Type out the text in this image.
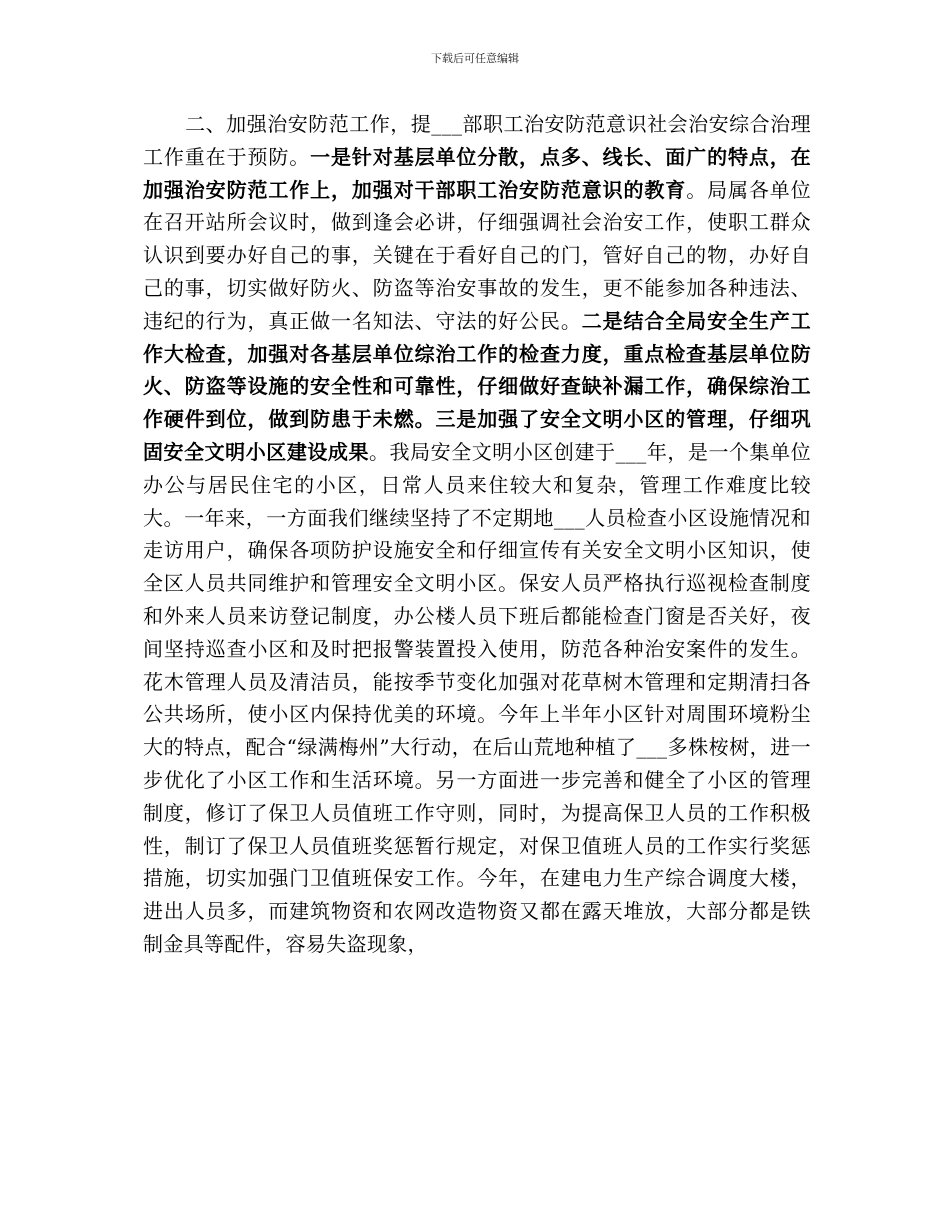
下载后可任意编辑

二、加强治安防范工作，提___部职工治安防范意识社会治安综合治理工作重在于预防。一是针对基层单位分散，点多、线长、面广的特点，在加强治安防范工作上，加强对干部职工治安防范意识的教育。局属各单位在召开站所会议时，做到逢会必讲，仔细强调社会治安工作，使职工群众认识到要办好自己的事，关键在于看好自己的门，管好自己的物，办好自己的事，切实做好防火、防盗等治安事故的发生，更不能参加各种违法、违纪的行为，真正做一名知法、守法的好公民。二是结合全局安全生产工作大检查，加强对各基层单位综治工作的检查力度，重点检查基层单位防火、防盗等设施的安全性和可靠性，仔细做好查缺补漏工作，确保综治工作硬件到位，做到防患于未燃。三是加强了安全文明小区的管理，仔细巩固安全文明小区建设成果。我局安全文明小区创建于___年，是一个集单位办公与居民住宅的小区，日常人员来住较大和复杂，管理工作难度比较大。一年来，一方面我们继续坚持了不定期地___人员检查小区设施情况和走访用户，确保各项防护设施安全和仔细宣传有关安全文明小区知识，使全区人员共同维护和管理安全文明小区。保安人员严格执行巡视检查制度和外来人员来访登记制度，办公楼人员下班后都能检查门窗是否关好，夜间坚持巡查小区和及时把报警装置投入使用，防范各种治安案件的发生。花木管理人员及清洁员，能按季节变化加强对花草树木管理和定期清扫各公共场所，使小区内保持优美的环境。今年上半年小区针对周围环境粉尘大的特点，配合“绿满梅州”大行动，在后山荒地种植了___多株桉树，进一步优化了小区工作和生活环境。另一方面进一步完善和健全了小区的管理制度，修订了保卫人员值班工作守则，同时，为提高保卫人员的工作积极性，制订了保卫人员值班奖惩暂行规定，对保卫值班人员的工作实行奖惩措施，切实加强门卫值班保安工作。今年，在建电力生产综合调度大楼，进出人员多，而建筑物资和农网改造物资又都在露天堆放，大部分都是铁制金具等配件，容易失盗现象，
